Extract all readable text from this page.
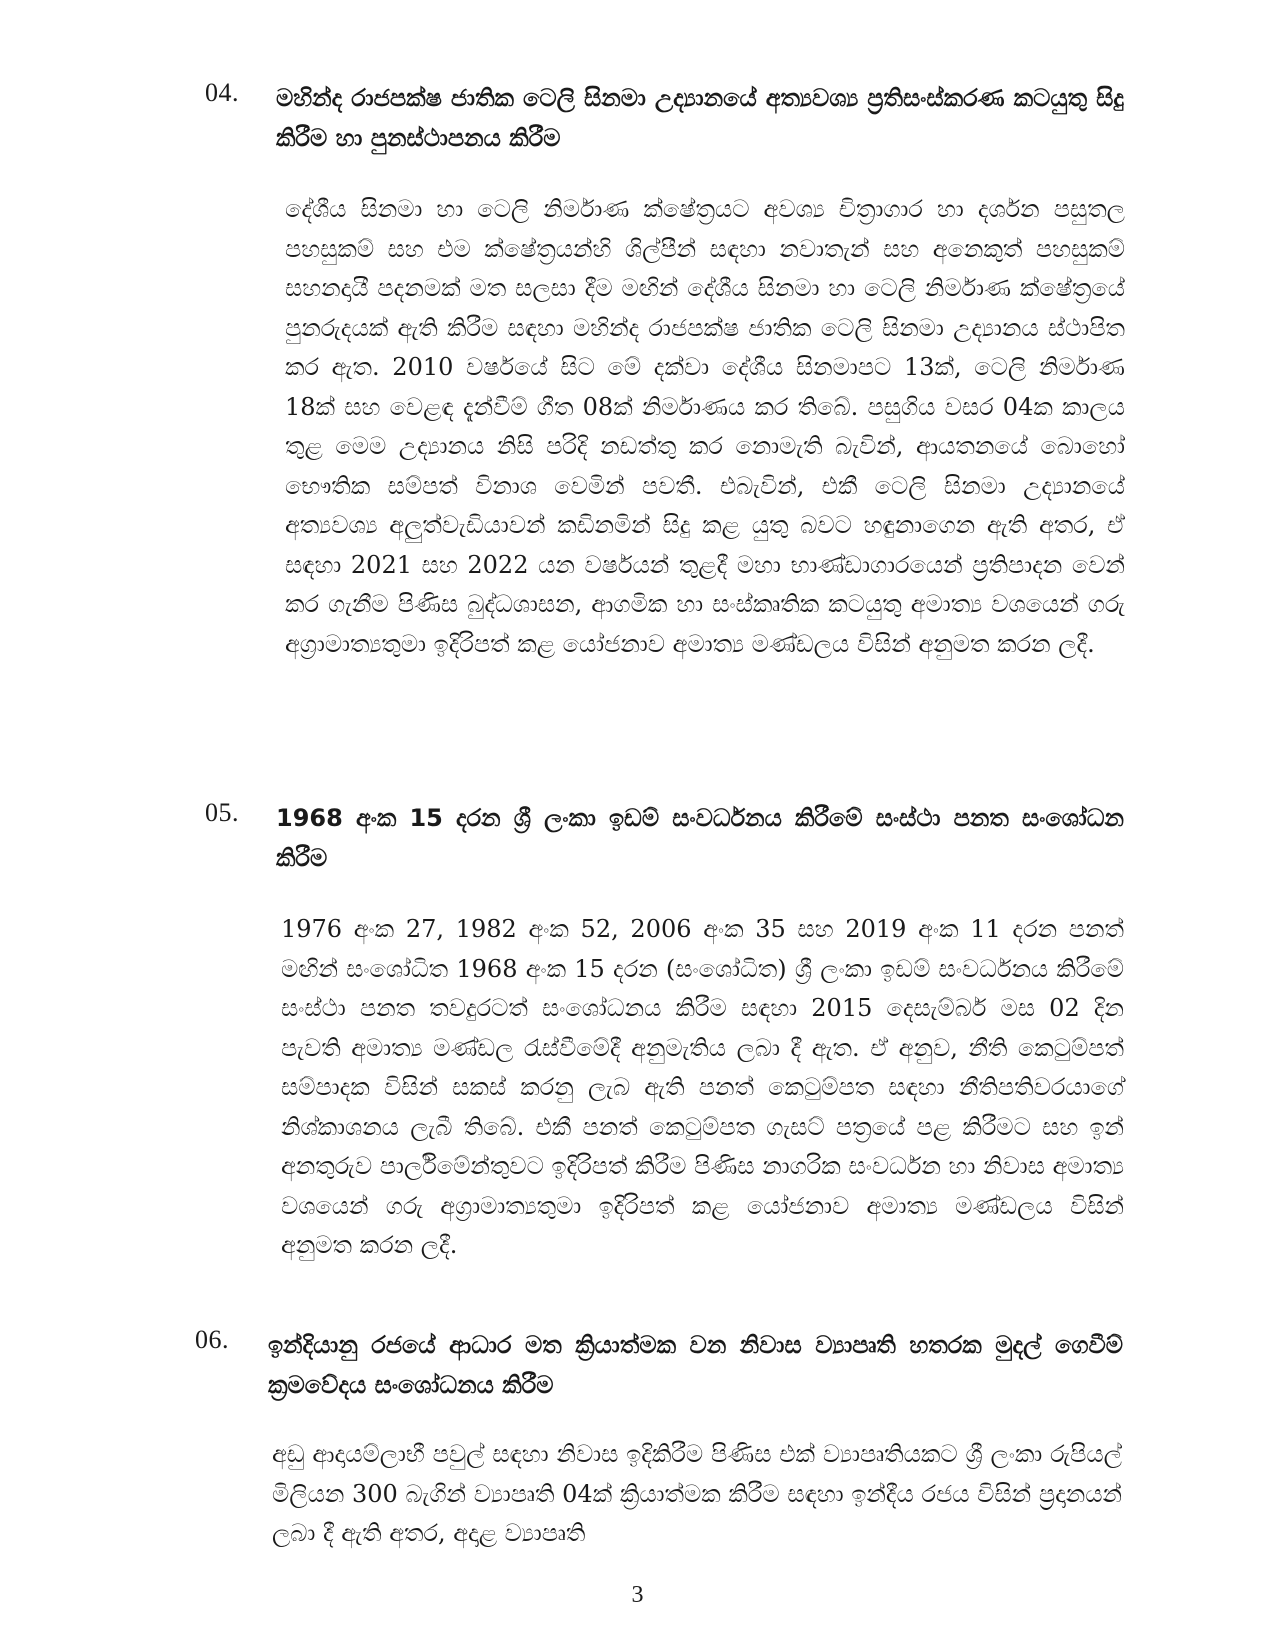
04. මහින්ද රාජපක්ෂ ජාතික ටෙලි සිනමා උද්‍යානයේ අත්‍යවශ්‍ය ප්‍රතිසංස්කරණ කටයුතු සිදු කිරීම හා පුනස්ථාපනය කිරීම
දේශීය සිනමා හා ටෙලි නිර්මාණ ක්ෂේත්‍රයට අවශ්‍ය චිත්‍රාගාර හා දර්ශන පසුතල පහසුකම් සහ එම ක්ෂේත්‍රයන්හි ශිල්පීන් සඳහා නවාතැන් සහ අනෙකුත් පහසුකම් සහනදායී පදනමක් මත සලසා දීම මඟින් දේශීය සිනමා හා ටෙලි නිර්මාණ ක්ෂේත්‍රයේ පුනරුදයක් ඇති කිරීම සඳහා මහින්ද රාජපක්ෂ ජාතික ටෙලි සිනමා උද්‍යානය ස්ථාපිත කර ඇත. 2010 වර්ෂයේ සිට මේ දක්වා දේශීය සිනමාපට 13ක්, ටෙලි නිර්මාණ 18ක් සහ වෙළඳ දැන්වීම් ගීත 08ක් නිර්මාණය කර තිබේ. පසුගිය වසර 04ක කාලය තුළ මෙම උද්‍යානය නිසි පරිදි නඩත්තු කර නොමැති බැවින්, ආයතනයේ බොහෝ භෞතික සම්පත් විනාශ වෙමින් පවතී. එබැවින්, එකී ටෙලි සිනමා උද්‍යානයේ අත්‍යවශ්‍ය අලුත්වැඩියාවන් කඩිනමින් සිදු කළ යුතු බවට හඳුනාගෙන ඇති අතර, ඒ සඳහා 2021 සහ 2022 යන වර්ෂයන් තුළදී මහා භාණ්ඩාගාරයෙන් ප්‍රතිපාදන වෙන් කර ගැනීම පිණිස බුද්ධශාසන, ආගමික හා සංස්කෘතික කටයුතු අමාත්‍ය වශයෙන් ගරු අග්‍රාමාත්‍යතුමා ඉදිරිපත් කළ යෝජනාව අමාත්‍ය මණ්ඩලය විසින් අනුමත කරන ලදී.
05. 1968 අංක 15 දරන ශ්‍රී ලංකා ඉඩම් සංවර්ධනය කිරීමේ සංස්ථා පනත සංශෝධන කිරීම
1976 අංක 27, 1982 අංක 52, 2006 අංක 35 සහ 2019 අංක 11 දරන පනත් මඟින් සංශෝධිත 1968 අංක 15 දරන (සංශෝධිත) ශ්‍රී ලංකා ඉඩම් සංවර්ධනය කිරීමේ සංස්ථා පනත තවදුරටත් සංශෝධනය කිරීම සඳහා 2015 දෙසැම්බර් මස 02 දින පැවති අමාත්‍ය මණ්ඩල රැස්වීමේදී අනුමැතිය ලබා දී ඇත. ඒ අනුව, නීති කෙටුම්පත් සම්පාදක විසින් සකස් කරනු ලැබ ඇති පනත් කෙටුම්පත සඳහා නීතිපතිවරයාගේ නිශ්කාශනය ලැබී තිබේ. එකී පනත් කෙටුම්පත ගැසට් පත්‍රයේ පළ කිරීමට සහ ඉන් අනතුරුව පාර්ලිමේන්තුවට ඉදිරිපත් කිරීම පිණිස නාගරික සංවර්ධන හා නිවාස අමාත්‍ය වශයෙන් ගරු අග්‍රාමාත්‍යතුමා ඉදිරිපත් කළ යෝජනාව අමාත්‍ය මණ්ඩලය විසින් අනුමත කරන ලදී.
06. ඉන්දියානු රජයේ ආධාර මත ක්‍රියාත්මක වන නිවාස ව්‍යාපෘති හතරක මුදල් ගෙවීම් ක්‍රමවේදය සංශෝධනය කිරීම
අඩු ආදායම්ලාභී පවුල් සඳහා නිවාස ඉදිකිරීම පිණිස එක් ව්‍යාපෘතියකට ශ්‍රී ලංකා රුපියල් මිලියන 300 බැගින් ව්‍යාපෘති 04ක් ක්‍රියාත්මක කිරීම සඳහා ඉන්දීය රජය විසින් ප්‍රදානයන් ලබා දී ඇති අතර, අදාළ ව්‍යාපෘති
3
